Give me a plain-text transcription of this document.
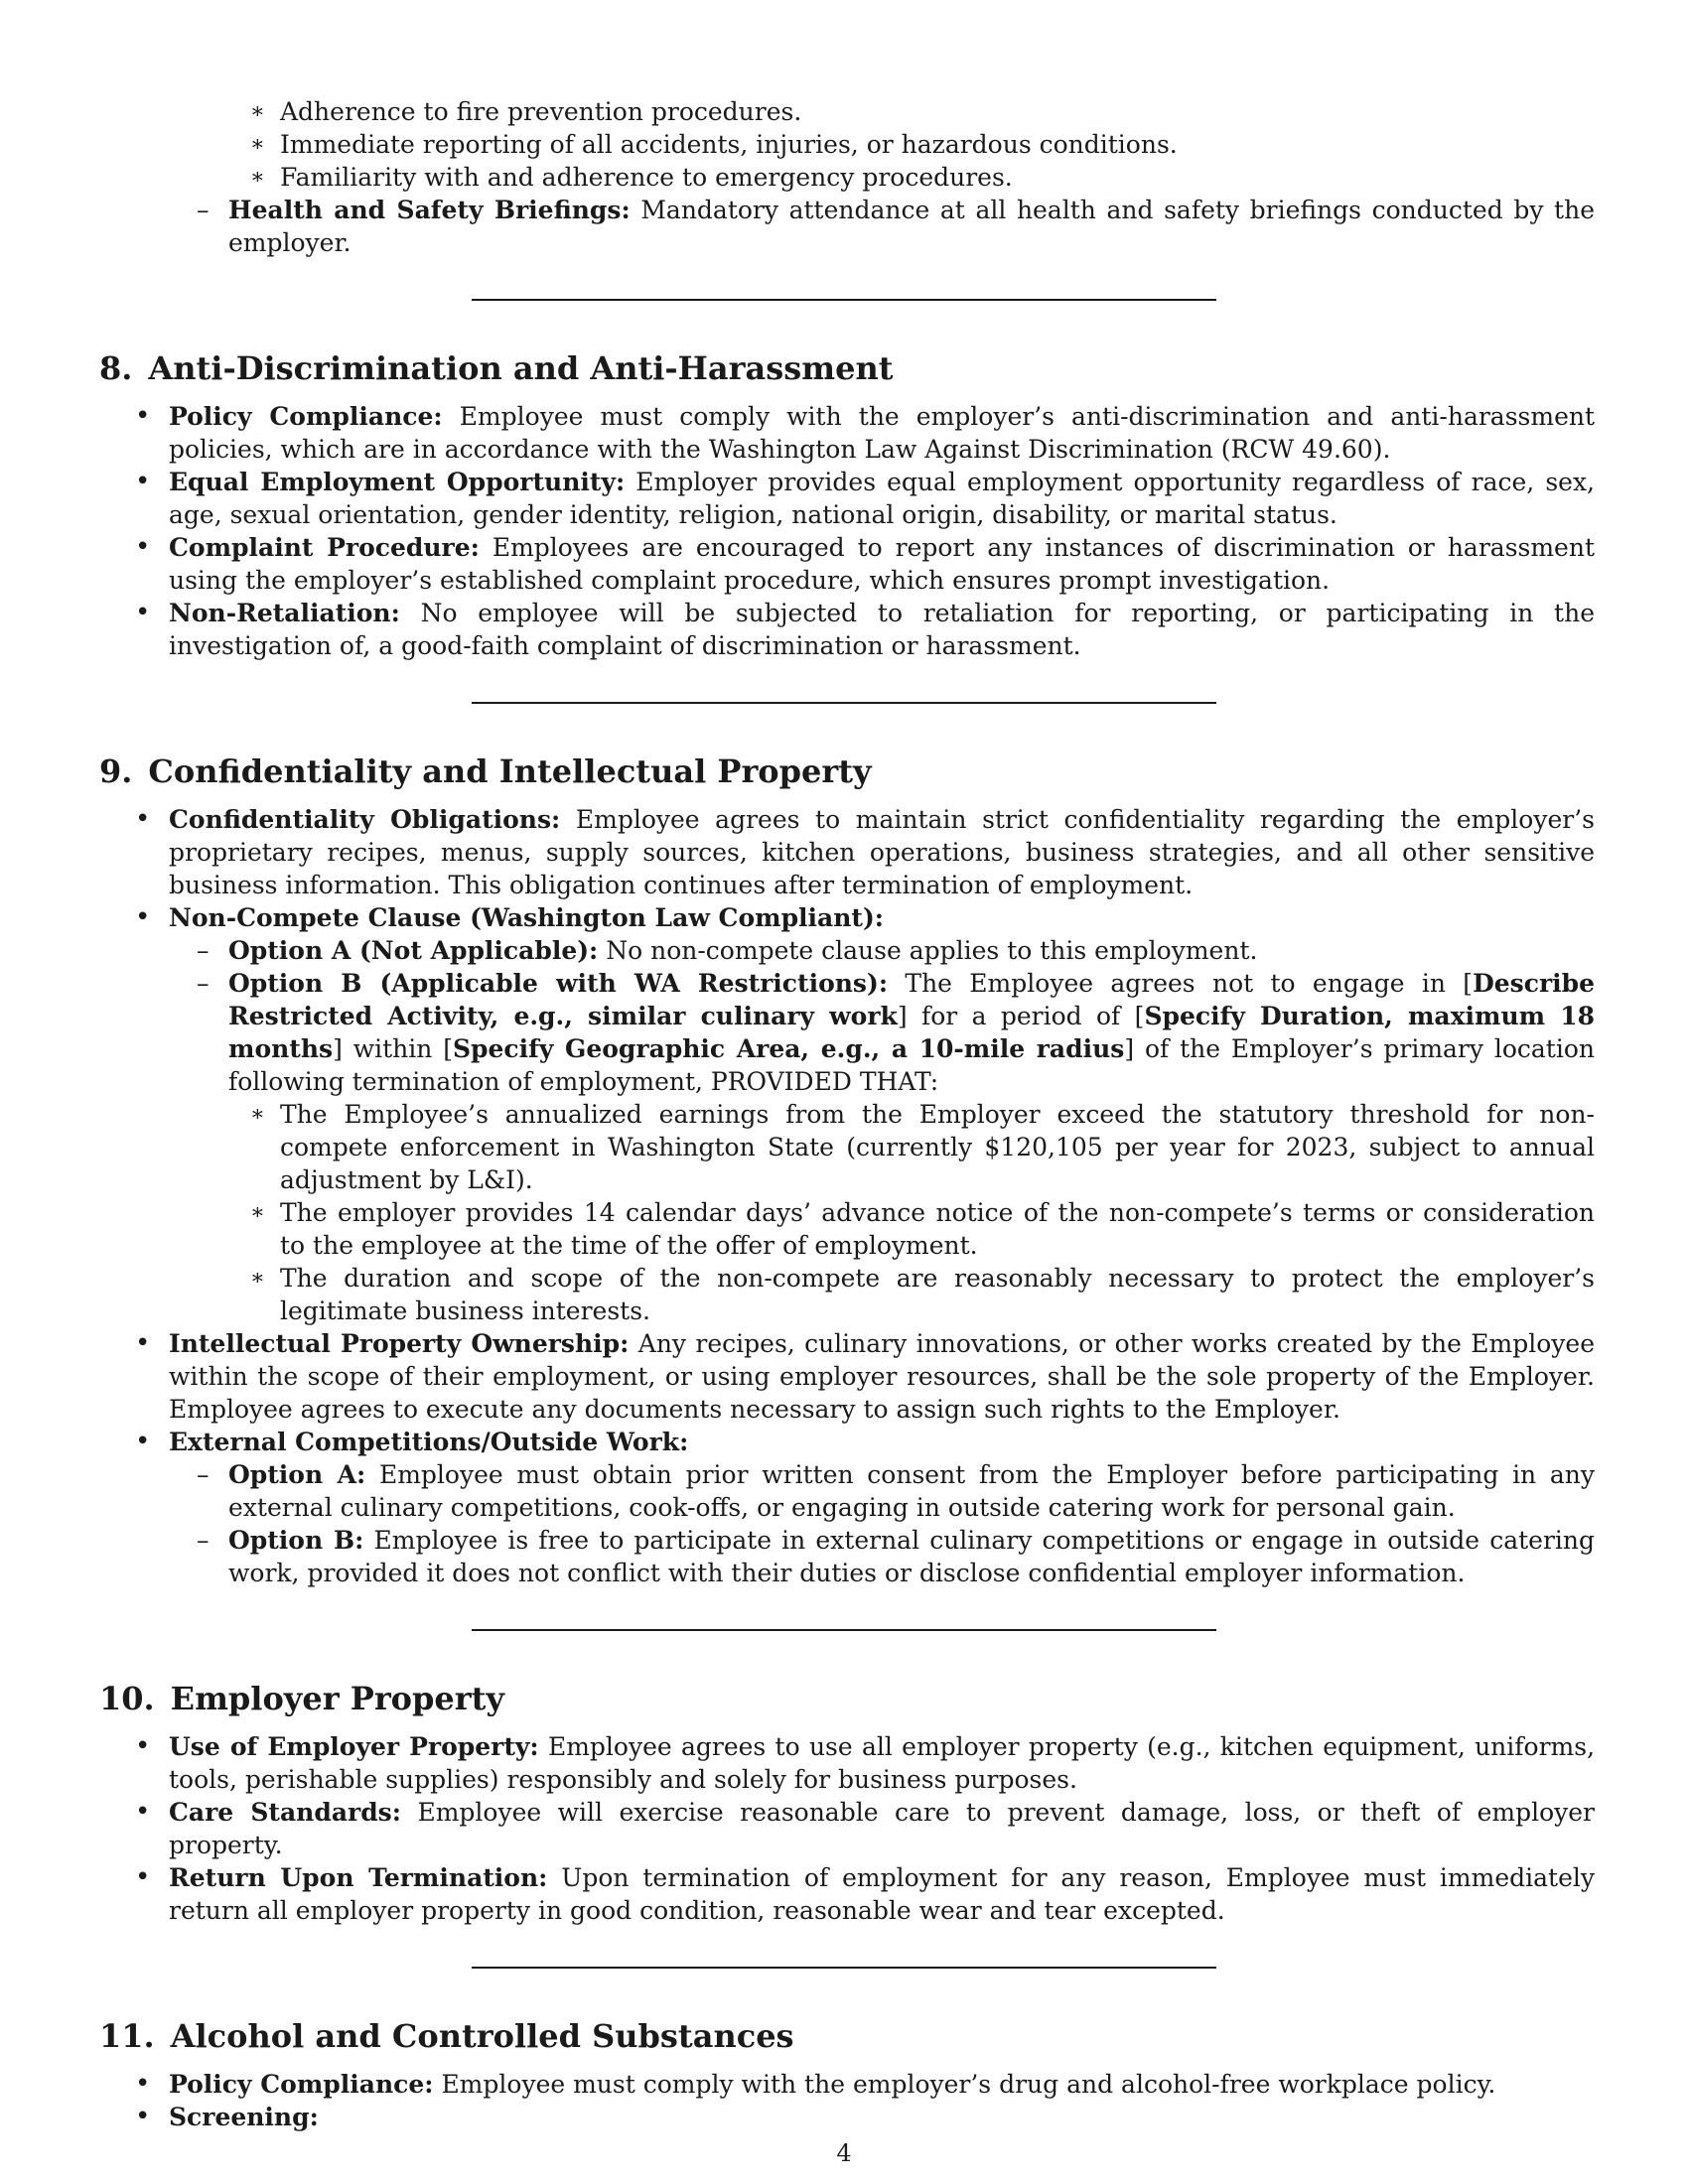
∗ Adherence to fire prevention procedures.
∗ Immediate reporting of all accidents, injuries, or hazardous conditions.
∗ Familiarity with and adherence to emergency procedures.
– Health and Safety Briefings: Mandatory attendance at all health and safety briefings conducted by the employer.
8. Anti-Discrimination and Anti-Harassment
• Policy Compliance: Employee must comply with the employer’s anti-discrimination and anti-harassment policies, which are in accordance with the Washington Law Against Discrimination (RCW 49.60).
• Equal Employment Opportunity: Employer provides equal employment opportunity regardless of race, sex, age, sexual orientation, gender identity, religion, national origin, disability, or marital status.
• Complaint Procedure: Employees are encouraged to report any instances of discrimination or harassment using the employer’s established complaint procedure, which ensures prompt investigation.
• Non-Retaliation: No employee will be subjected to retaliation for reporting, or participating in the investigation of, a good-faith complaint of discrimination or harassment.
9. Confidentiality and Intellectual Property
• Confidentiality Obligations: Employee agrees to maintain strict confidentiality regarding the employer’s proprietary recipes, menus, supply sources, kitchen operations, business strategies, and all other sensitive business information. This obligation continues after termination of employment.
• Non-Compete Clause (Washington Law Compliant):
– Option A (Not Applicable): No non-compete clause applies to this employment.
– Option B (Applicable with WA Restrictions): The Employee agrees not to engage in [Describe Restricted Activity, e.g., similar culinary work] for a period of [Specify Duration, maximum 18 months] within [Specify Geographic Area, e.g., a 10-mile radius] of the Employer’s primary location following termination of employment, PROVIDED THAT:
∗ The Employee’s annualized earnings from the Employer exceed the statutory threshold for non-compete enforcement in Washington State (currently $120,105 per year for 2023, subject to annual adjustment by L&I).
∗ The employer provides 14 calendar days’ advance notice of the non-compete’s terms or consideration to the employee at the time of the offer of employment.
∗ The duration and scope of the non-compete are reasonably necessary to protect the employer’s legitimate business interests.
• Intellectual Property Ownership: Any recipes, culinary innovations, or other works created by the Employee within the scope of their employment, or using employer resources, shall be the sole property of the Employer. Employee agrees to execute any documents necessary to assign such rights to the Employer.
• External Competitions/Outside Work:
– Option A: Employee must obtain prior written consent from the Employer before participating in any external culinary competitions, cook-offs, or engaging in outside catering work for personal gain.
– Option B: Employee is free to participate in external culinary competitions or engage in outside catering work, provided it does not conflict with their duties or disclose confidential employer information.
10. Employer Property
• Use of Employer Property: Employee agrees to use all employer property (e.g., kitchen equipment, uniforms, tools, perishable supplies) responsibly and solely for business purposes.
• Care Standards: Employee will exercise reasonable care to prevent damage, loss, or theft of employer property.
• Return Upon Termination: Upon termination of employment for any reason, Employee must immediately return all employer property in good condition, reasonable wear and tear excepted.
11. Alcohol and Controlled Substances
• Policy Compliance: Employee must comply with the employer’s drug and alcohol-free workplace policy.
• Screening:
4
